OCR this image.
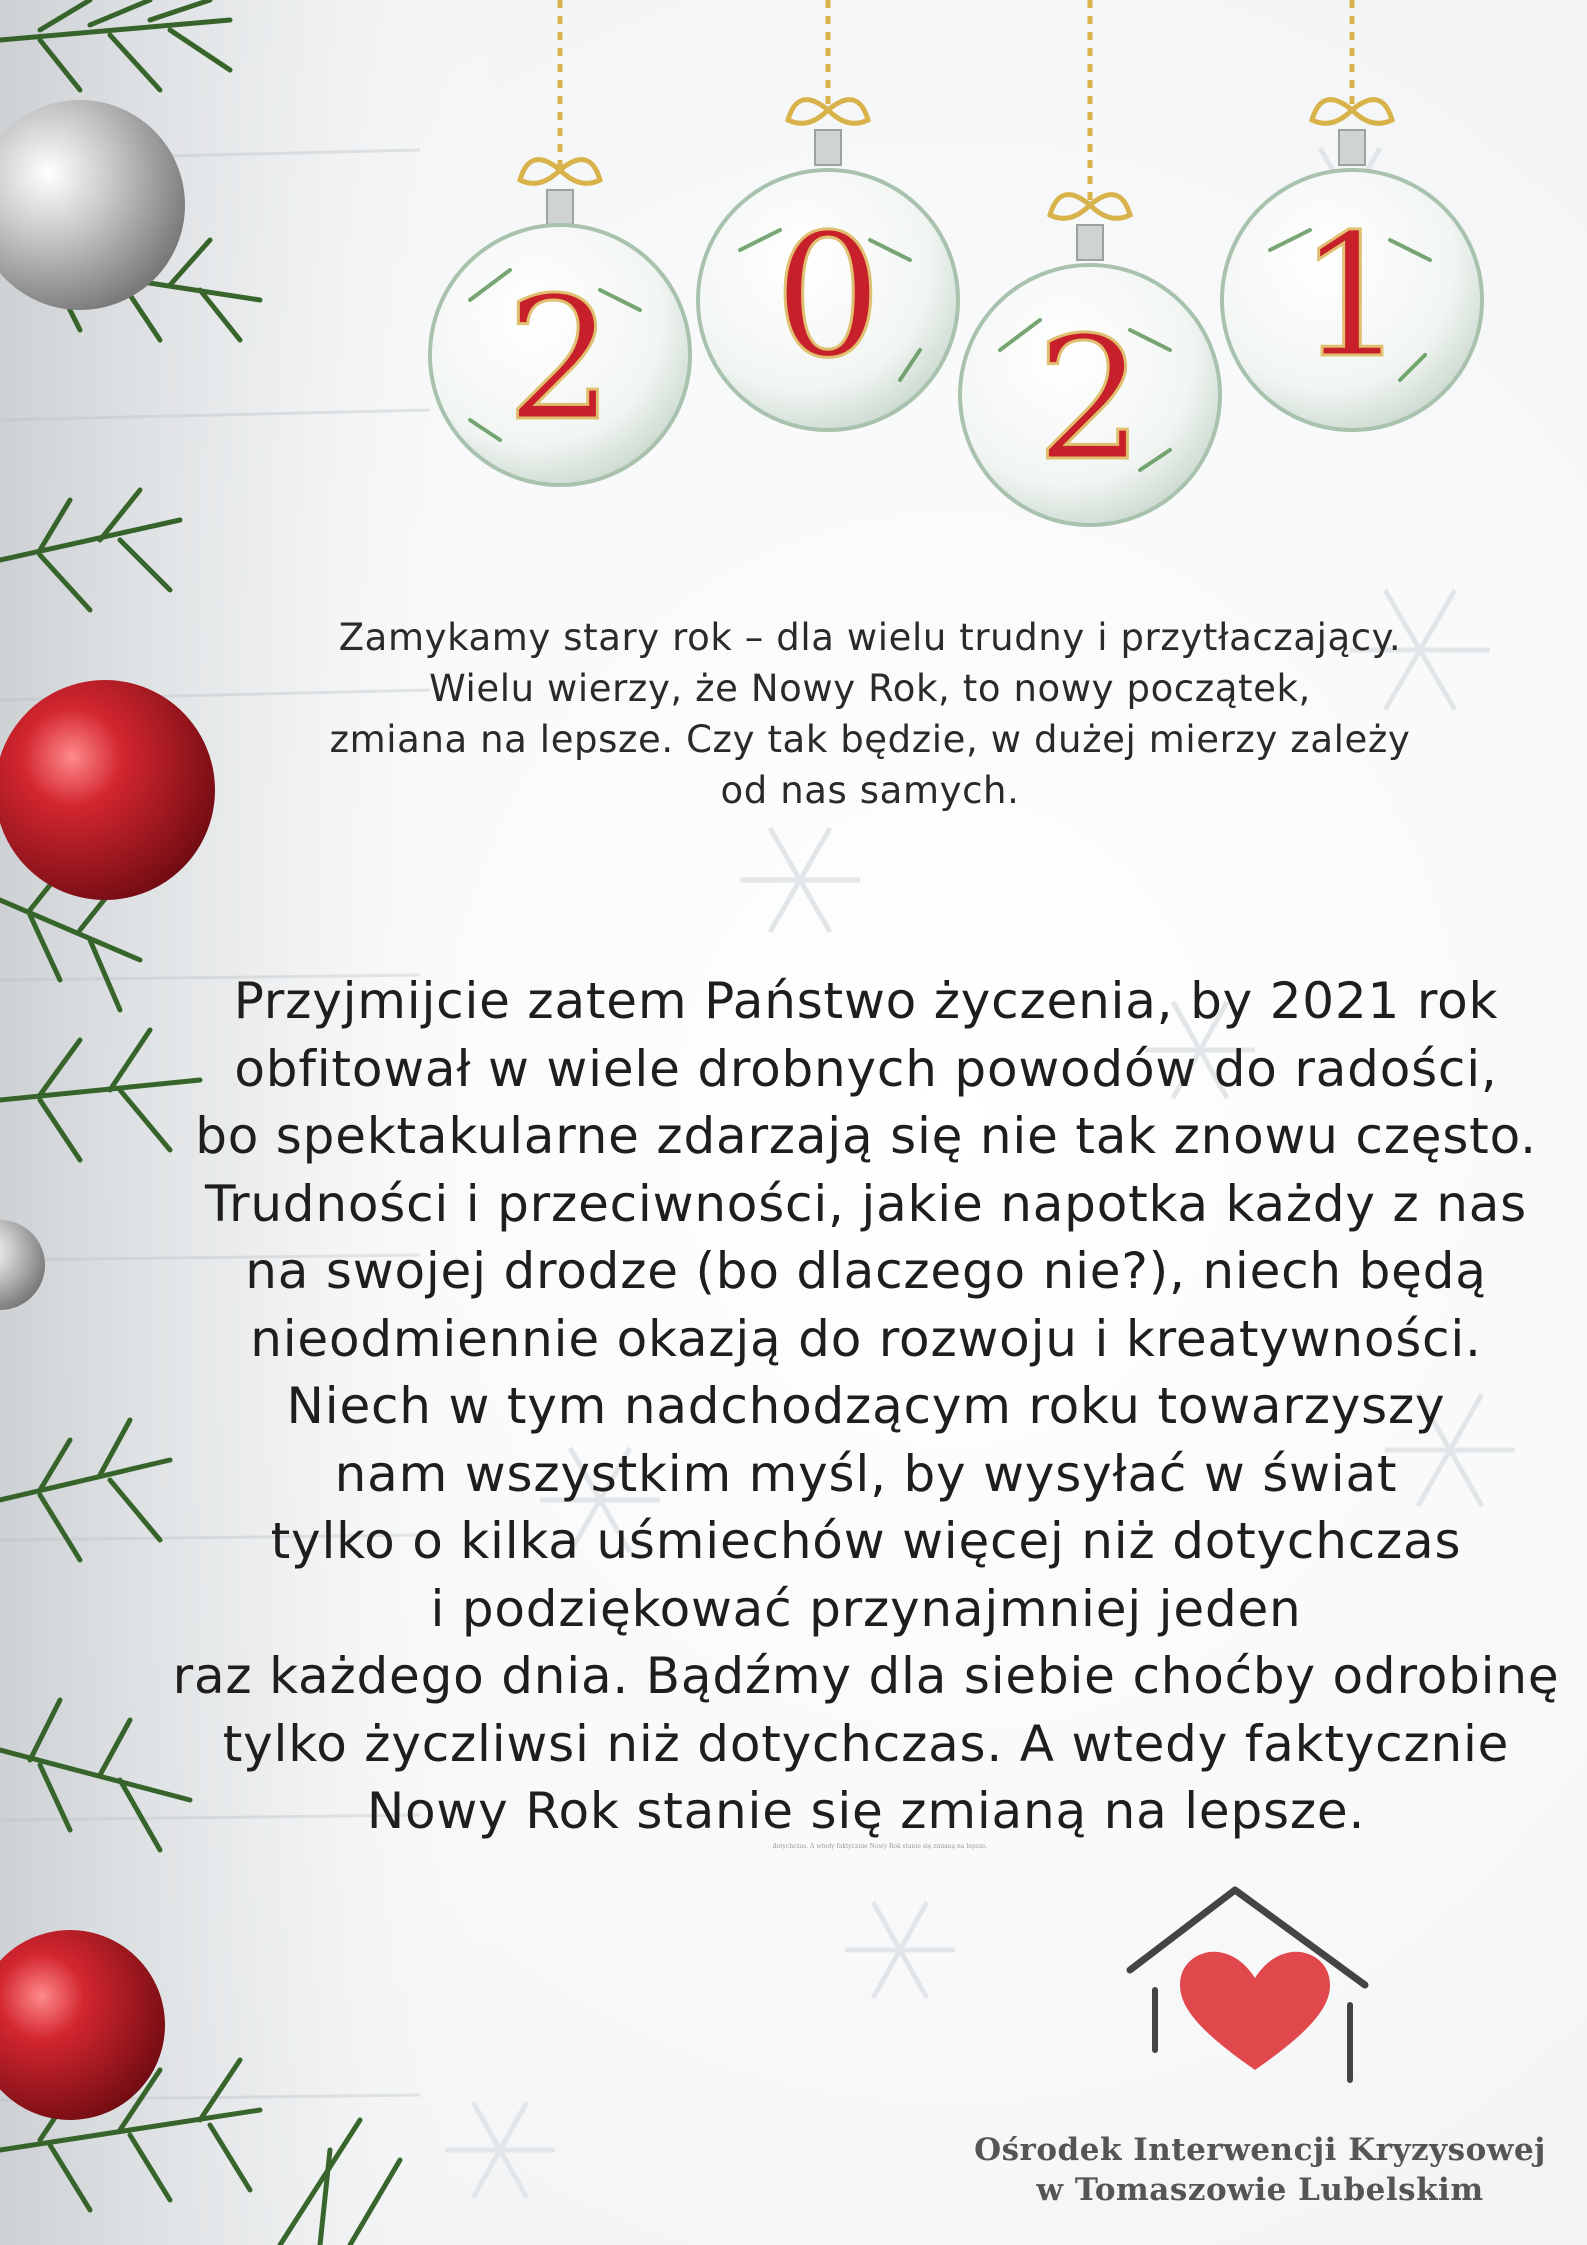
2 0
2
1
Zamykamy stary rok – dla wielu trudny i przytłaczający.
Wielu wierzy, że Nowy Rok, to nowy początek,
zmiana na lepsze. Czy tak będzie, w dużej mierzy zależy
od nas samych.
Przyjmijcie zatem Państwo życzenia, by 2021 rok
obfitował w wiele drobnych powodów do radości,
bo spektakularne zdarzają się nie tak znowu często.
Trudności i przeciwności, jakie napotka każdy z nas
na swojej drodze (bo dlaczego nie?), niech będą
nieodmiennie okazją do rozwoju i kreatywności.
Niech w tym nadchodzącym roku towarzyszy
nam wszystkim myśl, by wysyłać w świat
tylko o kilka uśmiechów więcej niż dotychczas
i podziękować przynajmniej jeden
raz każdego dnia. Bądźmy dla siebie choćby odrobinę
tylko życzliwsi niż dotychczas. A wtedy faktycznie
Nowy Rok stanie się zmianą na lepsze.
dotychczas. A wtedy faktycznie Nowy Rok stanie się zmianą na lepsze.
Ośrodek Interwencji Kryzysowej
w Tomaszowie Lubelskim
